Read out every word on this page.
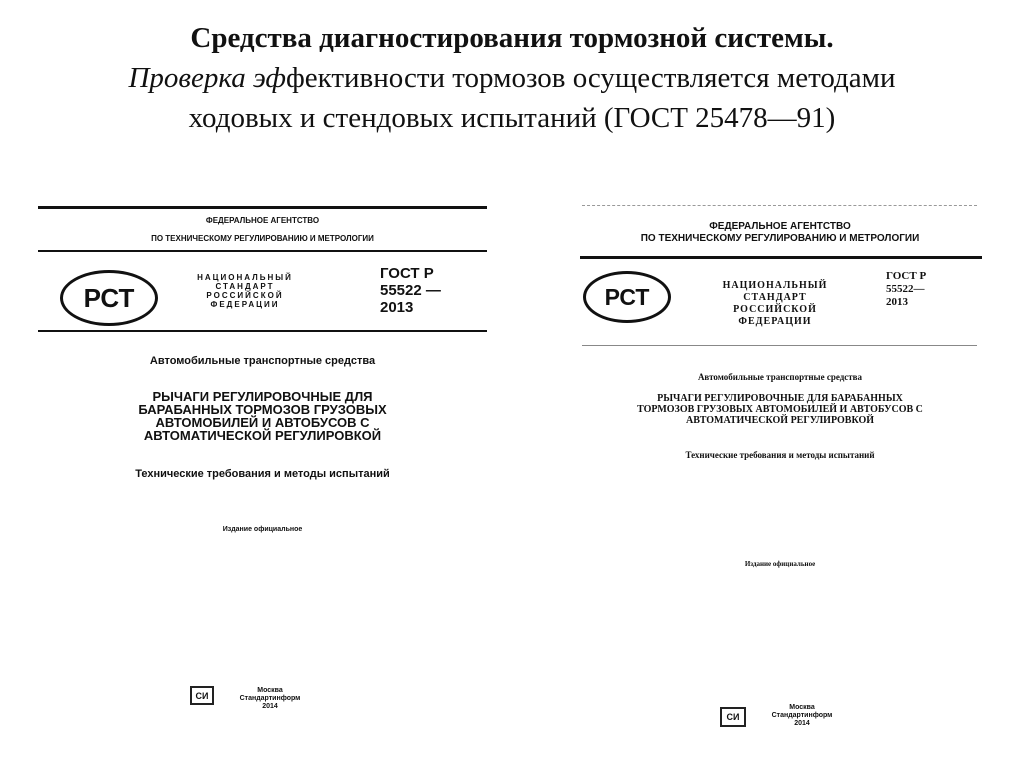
Средства диагностирования тормозной системы.
Проверка эффективности тормозов осуществляется методами
ходовых и стендовых испытаний (ГОСТ 25478—91)
ФЕДЕРАЛЬНОЕ АГЕНТСТВО
ПО ТЕХНИЧЕСКОМУ РЕГУЛИРОВАНИЮ И МЕТРОЛОГИИ
РСТ
НАЦИОНАЛЬНЫЙ
СТАНДАРТ
РОССИЙСКОЙ
ФЕДЕРАЦИИ
ГОСТ Р
55522 —
2013
Автомобильные транспортные средства
РЫЧАГИ РЕГУЛИРОВОЧНЫЕ ДЛЯ
БАРАБАННЫХ ТОРМОЗОВ ГРУЗОВЫХ
АВТОМОБИЛЕЙ И АВТОБУСОВ С
АВТОМАТИЧЕСКОЙ РЕГУЛИРОВКОЙ
Технические требования и методы испытаний
Издание официальное
СИ	Москва
Стандартинформ
2014
ФЕДЕРАЛЬНОЕ АГЕНТСТВО
ПО ТЕХНИЧЕСКОМУ РЕГУЛИРОВАНИЮ И МЕТРОЛОГИИ
РСТ	НАЦИОНАЛЬНЫЙ
СТАНДАРТ
РОССИЙСКОЙ
ФЕДЕРАЦИИ
ГОСТ Р
55522—
2013
Автомобильные транспортные средства
РЫЧАГИ РЕГУЛИРОВОЧНЫЕ ДЛЯ БАРАБАННЫХ
ТОРМОЗОВ ГРУЗОВЫХ АВТОМОБИЛЕЙ И АВТОБУСОВ С
АВТОМАТИЧЕСКОЙ РЕГУЛИРОВКОЙ
Технические требования и методы испытаний
Издание официальное
СИ
Москва
Стандартинформ
2014
